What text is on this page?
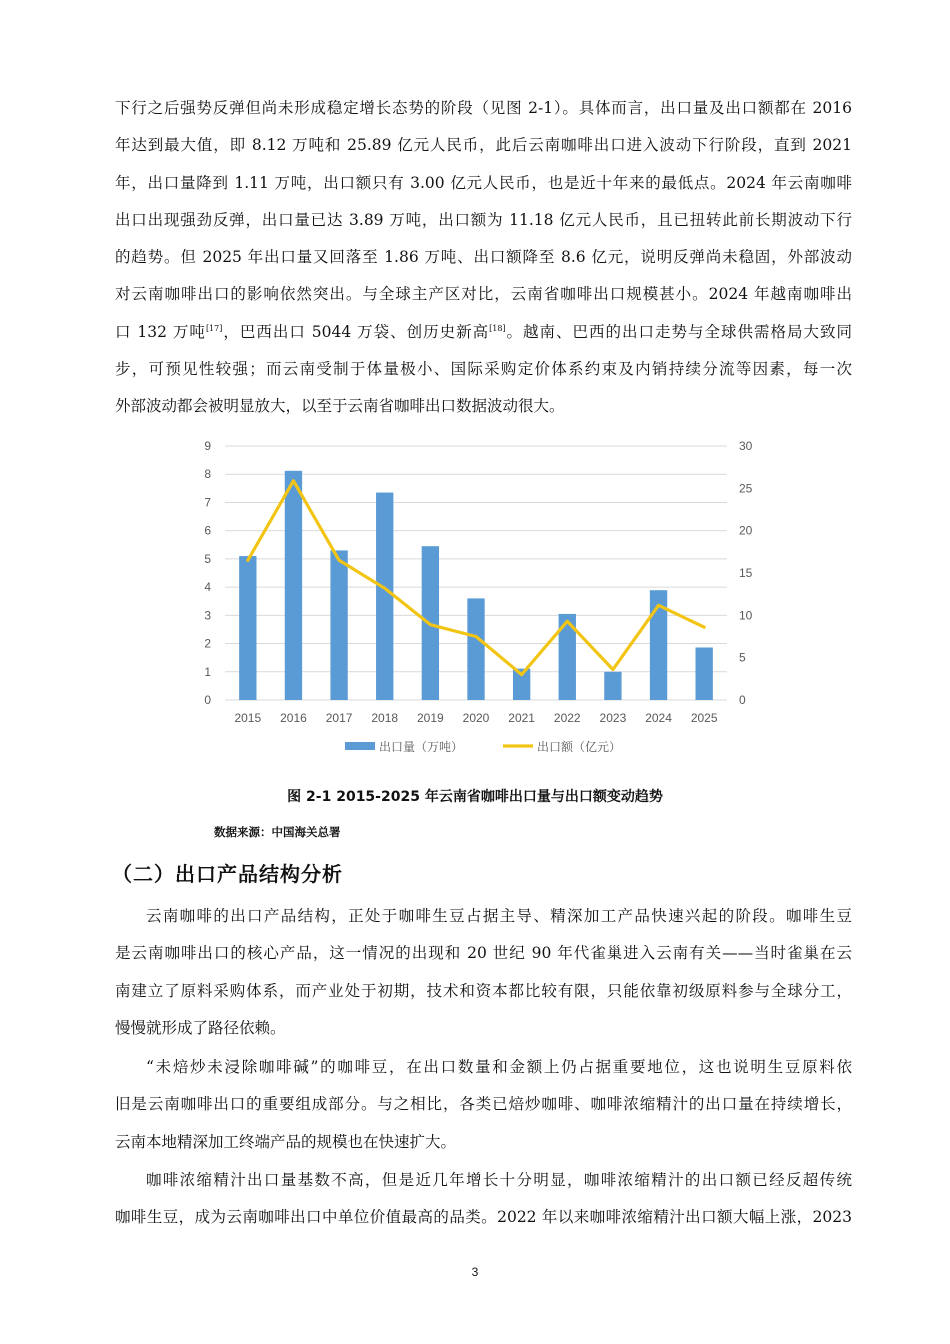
下行之后强势反弹但尚未形成稳定增长态势的阶段（见图 2-1）。具体而言，出口量及出口额都在 2016
年达到最大值，即 8.12 万吨和 25.89 亿元人民币，此后云南咖啡出口进入波动下行阶段，直到 2021
年，出口量降到 1.11 万吨，出口额只有 3.00 亿元人民币，也是近十年来的最低点。2024 年云南咖啡
出口出现强劲反弹，出口量已达 3.89 万吨，出口额为 11.18 亿元人民币，且已扭转此前长期波动下行
的趋势。但 2025 年出口量又回落至 1.86 万吨、出口额降至 8.6 亿元，说明反弹尚未稳固，外部波动
对云南咖啡出口的影响依然突出。与全球主产区对比，云南省咖啡出口规模甚小。2024 年越南咖啡出
口 132 万吨[17]，巴西出口 5044 万袋、创历史新高[18]。越南、巴西的出口走势与全球供需格局大致同
步，可预见性较强；而云南受制于体量极小、国际采购定价体系约束及内销持续分流等因素，每一次
外部波动都会被明显放大，以至于云南省咖啡出口数据波动很大。
0
1
2
3
4
5
6
7
8
9
0
5
10
15
20
25
30
2015 2016 2017 2018 2019 2020 2021 2022 2023 2024 2025
出口量（万吨）	出口额（亿元）
图 2-1 2015-2025 年云南省咖啡出口量与出口额变动趋势
数据来源：中国海关总署
（二）出口产品结构分析
云南咖啡的出口产品结构，正处于咖啡生豆占据主导、精深加工产品快速兴起的阶段。咖啡生豆
是云南咖啡出口的核心产品，这一情况的出现和 20 世纪 90 年代雀巢进入云南有关——当时雀巢在云
南建立了原料采购体系，而产业处于初期，技术和资本都比较有限，只能依靠初级原料参与全球分工，
慢慢就形成了路径依赖。
“未焙炒未浸除咖啡碱”的咖啡豆，在出口数量和金额上仍占据重要地位，这也说明生豆原料依
旧是云南咖啡出口的重要组成部分。与之相比，各类已焙炒咖啡、咖啡浓缩精汁的出口量在持续增长，
云南本地精深加工终端产品的规模也在快速扩大。
咖啡浓缩精汁出口量基数不高，但是近几年增长十分明显，咖啡浓缩精汁的出口额已经反超传统
咖啡生豆，成为云南咖啡出口中单位价值最高的品类。2022 年以来咖啡浓缩精汁出口额大幅上涨，2023
3
